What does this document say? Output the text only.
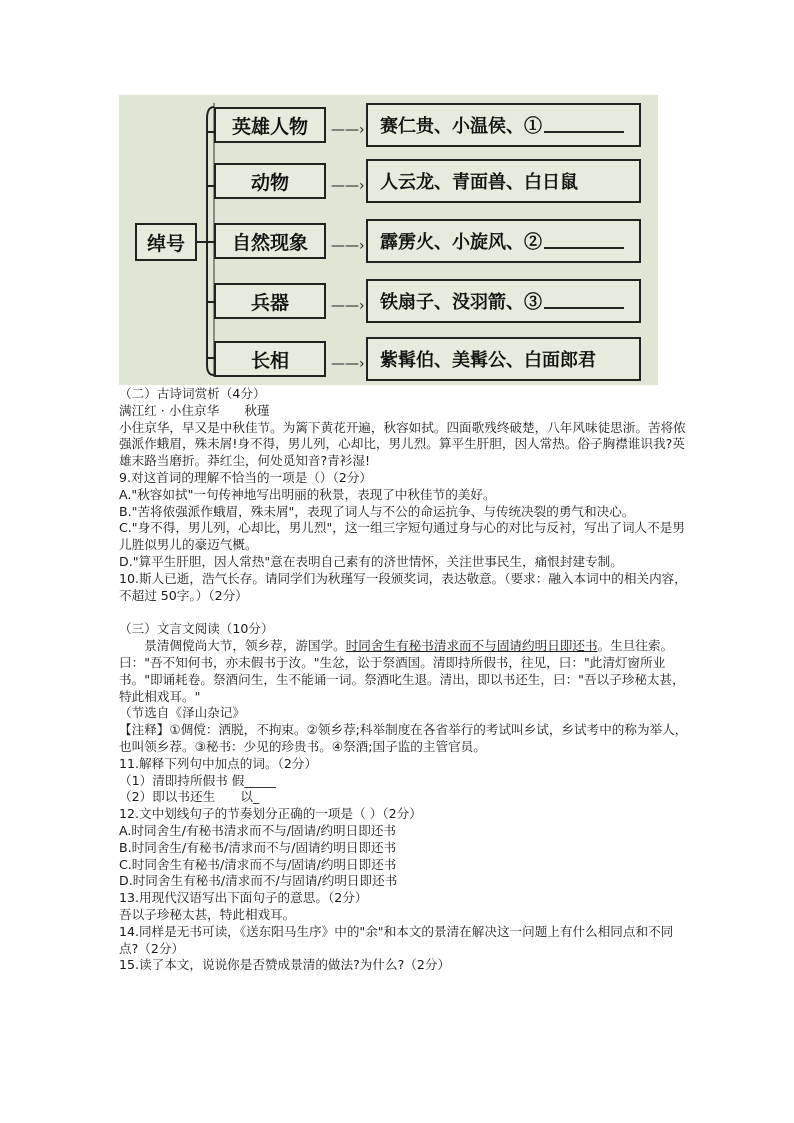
绰号
英雄人物	——› 赛仁贵、小温侯、①
动物	——› 人云龙、青面兽、白日鼠
自然现象	——› 霹雳火、小旋风、②
兵器	——› 铁扇子、没羽箭、③
长相	——› 紫髯伯、美髯公、白面郎君

（二）古诗词赏析（4分）

满江红 · 小住京华　　秋瑾

小住京华，早又是中秋佳节。为篱下黄花开遍，秋容如拭。四面歌残终破楚，八年风味徒思浙。苦将侬强派作蛾眉，殊未屑!身不得，男儿列，心却比，男儿烈。算平生肝胆，因人常热。俗子胸襟谁识我?英雄末路当磨折。莽红尘，何处觅知音?青衫湿!

9.对这首词的理解不恰当的一项是（）（2分）

A."秋容如拭"一句传神地写出明丽的秋景，表现了中秋佳节的美好。

B."苦将侬强派作蛾眉，殊未屑"，表现了词人与不公的命运抗争、与传统决裂的勇气和决心。

C."身不得，男儿列，心却比，男儿烈"，这一组三字短句通过身与心的对比与反衬，写出了词人不是男儿胜似男儿的豪迈气概。

D."算平生肝胆，因人常热"意在表明自己素有的济世情怀，关注世事民生，痛恨封建专制。

10.斯人已逝，浩气长存。请同学们为秋瑾写一段颁奖词，表达敬意。（要求：融入本词中的相关内容，不超过 50字。）（2分）

（三）文言文阅读（10分）

景清倜傥尚大节，领乡荐，游国学。时同舍生有秘书清求而不与固请约明日即还书。生旦往索。曰："吾不知何书，亦未假书于汝。"生忿，讼于祭酒国。清即持所假书，往见，曰："此清灯窗所业书。"即诵耗卷。祭酒问生，生不能诵一词。祭酒叱生退。清出，即以书还生，曰："吾以子珍秘太甚，特此相戏耳。"

（节选自《泽山杂记》

【注释】①倜傥：洒脱，不拘束。②领乡荐;科举制度在各省举行的考试叫乡试，乡试考中的称为举人，也叫领乡荐。③秘书：少见的珍贵书。④祭酒;国子监的主管官员。

11.解释下列句中加点的词。（2分）

（1）清即持所假书 假_____

（2）即以书还生　　以_

12.文中划线句子的节奏划分正确的一项是（ ）（2分）

A.时同舍生/有秘书清求而不与/固请/约明日即还书

B.时同舍生/有秘书/清求而不与/固请约明日即还书

C.时同舍生有秘书/清求而不与/固请/约明日即还书

D.时同舍生有秘书/清求而不/与固请/约明日即还书

13.用现代汉语写出下面句子的意思。（2分）

吾以子珍秘太甚，特此相戏耳。

14.同样是无书可读，《送东阳马生序》中的"余"和本文的景清在解决这一问题上有什么相同点和不同点?（2分）

15.读了本文，说说你是否赞成景清的做法?为什么?（2分）
